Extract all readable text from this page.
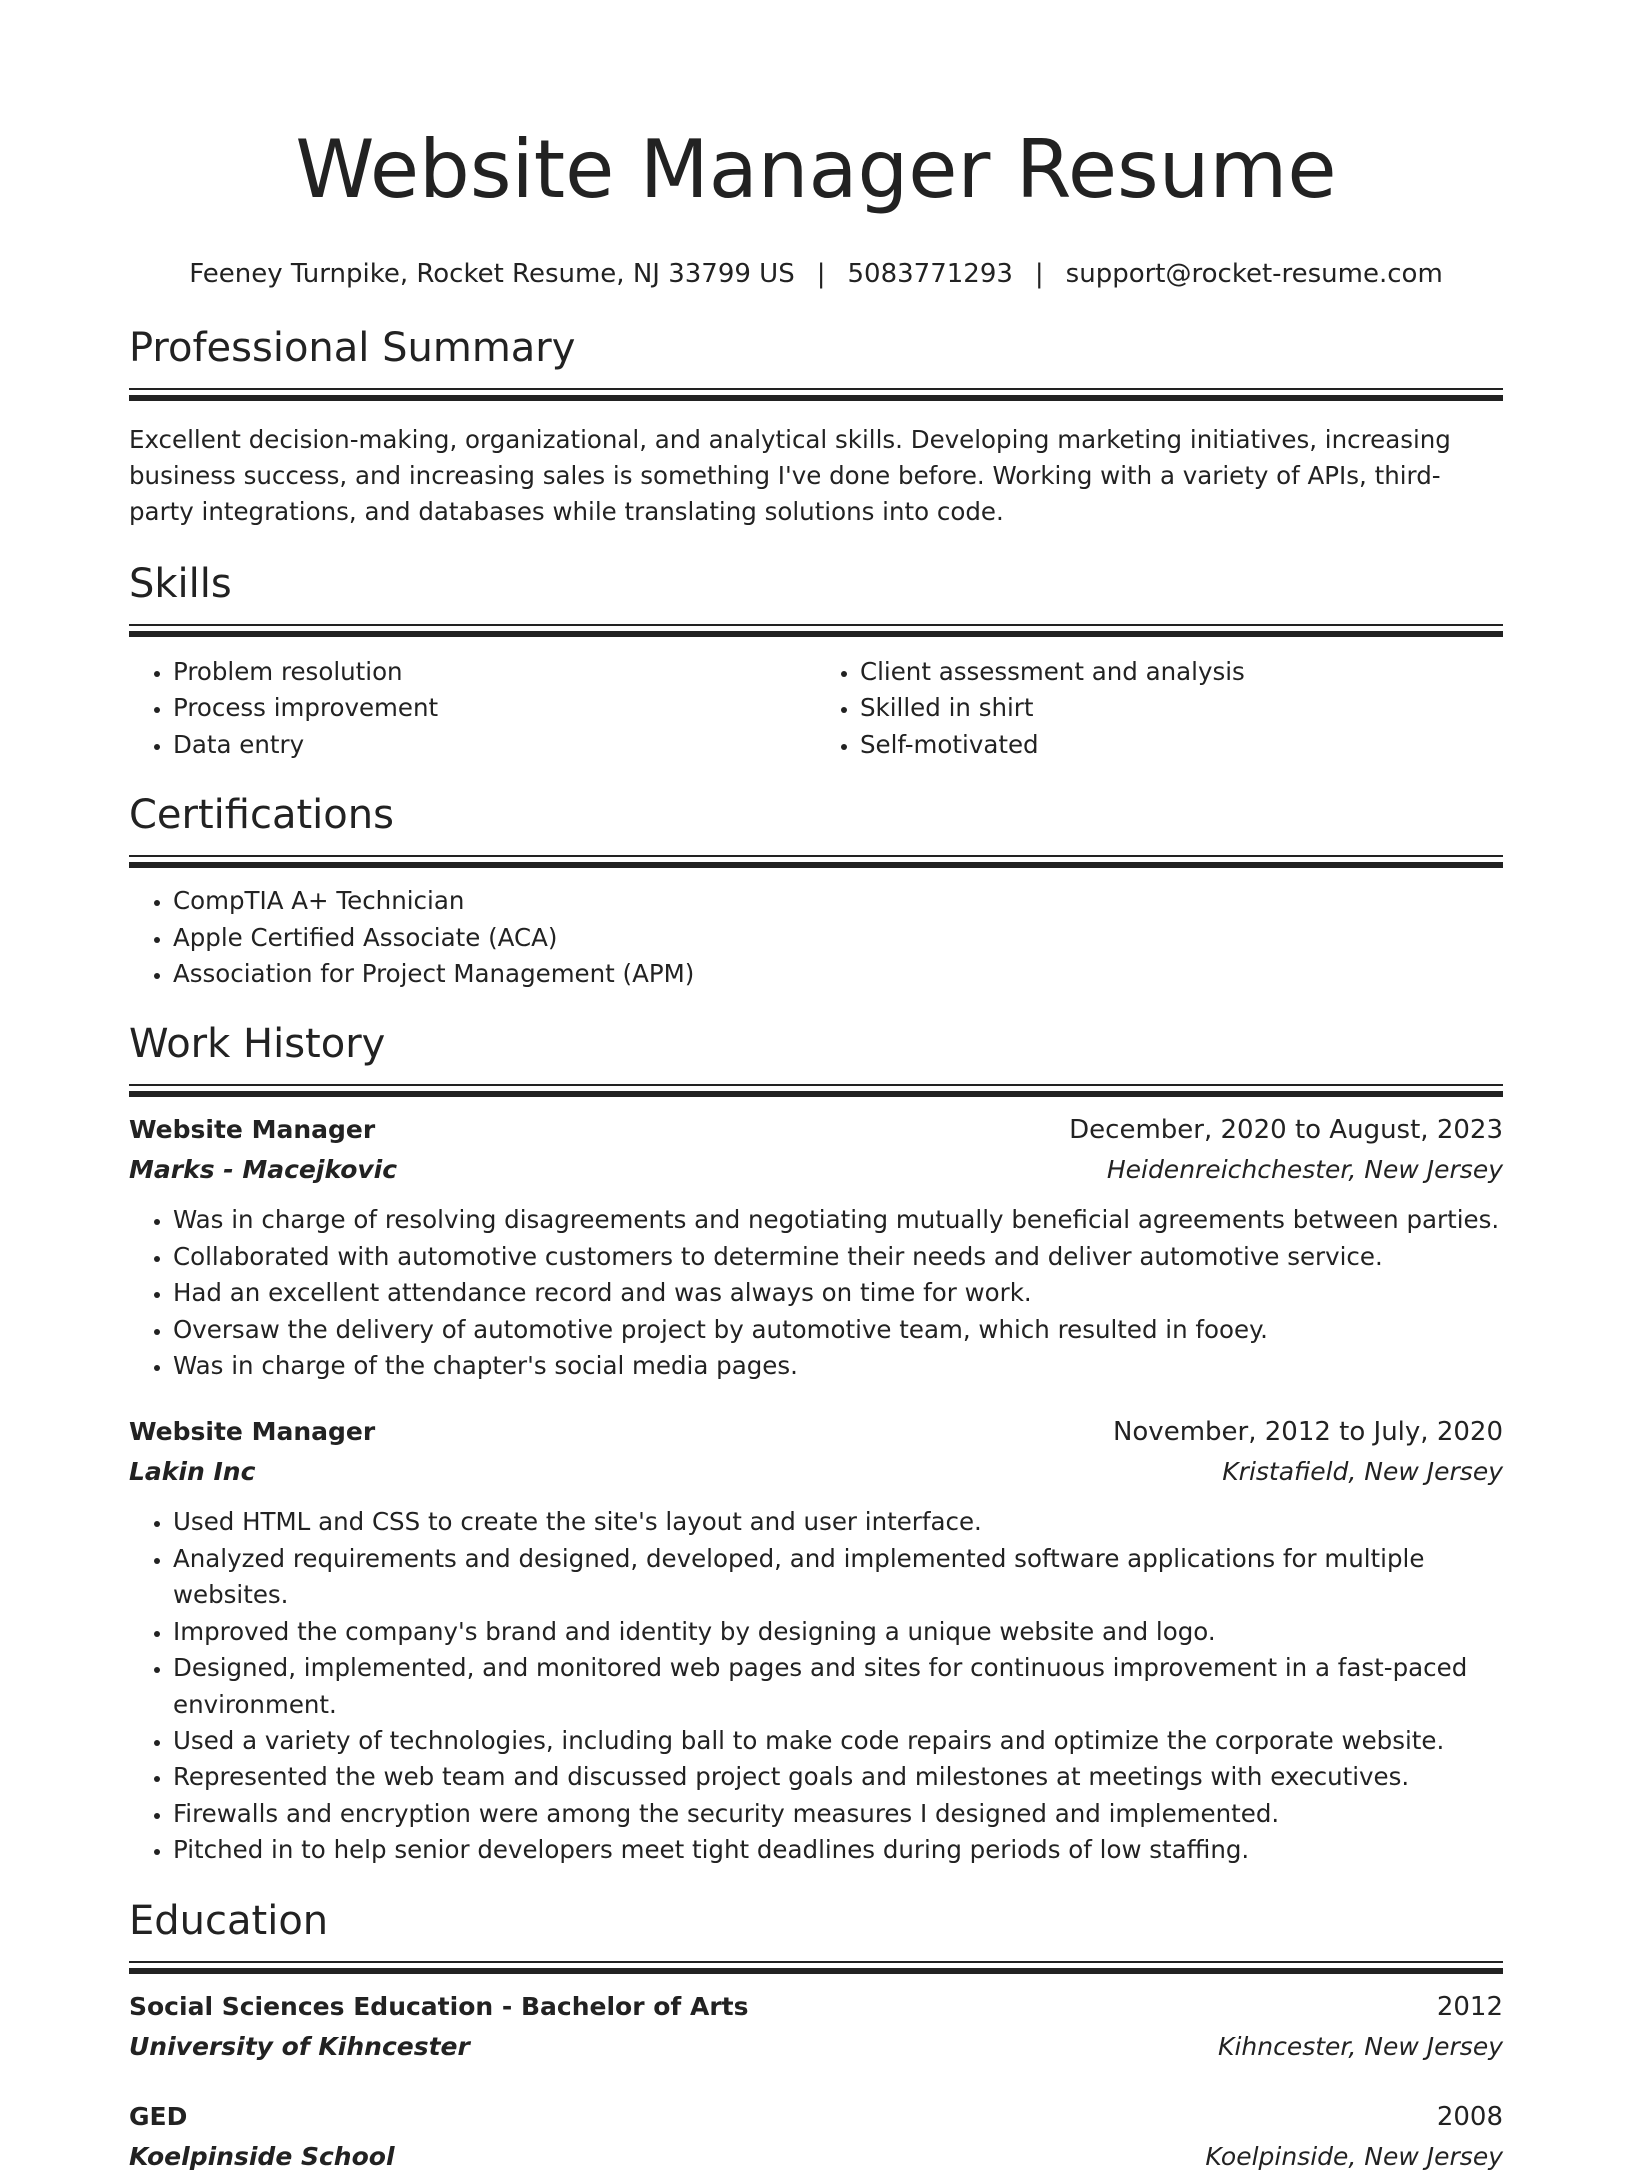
Website Manager Resume
Feeney Turnpike, Rocket Resume, NJ 33799 US | 5083771293 | support@rocket-resume.com
Professional Summary

Excellent decision-making, organizational, and analytical skills. Developing marketing initiatives, increasing business success, and increasing sales is something I've done before. Working with a variety of APIs, third-party integrations, and databases while translating solutions into code.

Skills
• Problem resolution
• Process improvement
• Data entry
• Client assessment and analysis
• Skilled in shirt
• Self-motivated
Certifications
• CompTIA A+ Technician
• Apple Certified Associate (ACA)
• Association for Project Management (APM)
Work History
Website Manager	December, 2020 to August, 2023
Marks - Macejkovic	Heidenreichchester, New Jersey
• Was in charge of resolving disagreements and negotiating mutually beneficial agreements between parties.
• Collaborated with automotive customers to determine their needs and deliver automotive service.
• Had an excellent attendance record and was always on time for work.
• Oversaw the delivery of automotive project by automotive team, which resulted in fooey.
• Was in charge of the chapter's social media pages.
Website Manager	November, 2012 to July, 2020
Lakin Inc	Kristafield, New Jersey
• Used HTML and CSS to create the site's layout and user interface.
• Analyzed requirements and designed, developed, and implemented software applications for multiple websites.
• Improved the company's brand and identity by designing a unique website and logo.
• Designed, implemented, and monitored web pages and sites for continuous improvement in a fast-paced environment.
• Used a variety of technologies, including ball to make code repairs and optimize the corporate website.
• Represented the web team and discussed project goals and milestones at meetings with executives.
• Firewalls and encryption were among the security measures I designed and implemented.
• Pitched in to help senior developers meet tight deadlines during periods of low staffing.
Education
Social Sciences Education - Bachelor of Arts	2012
University of Kihncester	Kihncester, New Jersey
GED	2008
Koelpinside School	Koelpinside, New Jersey
